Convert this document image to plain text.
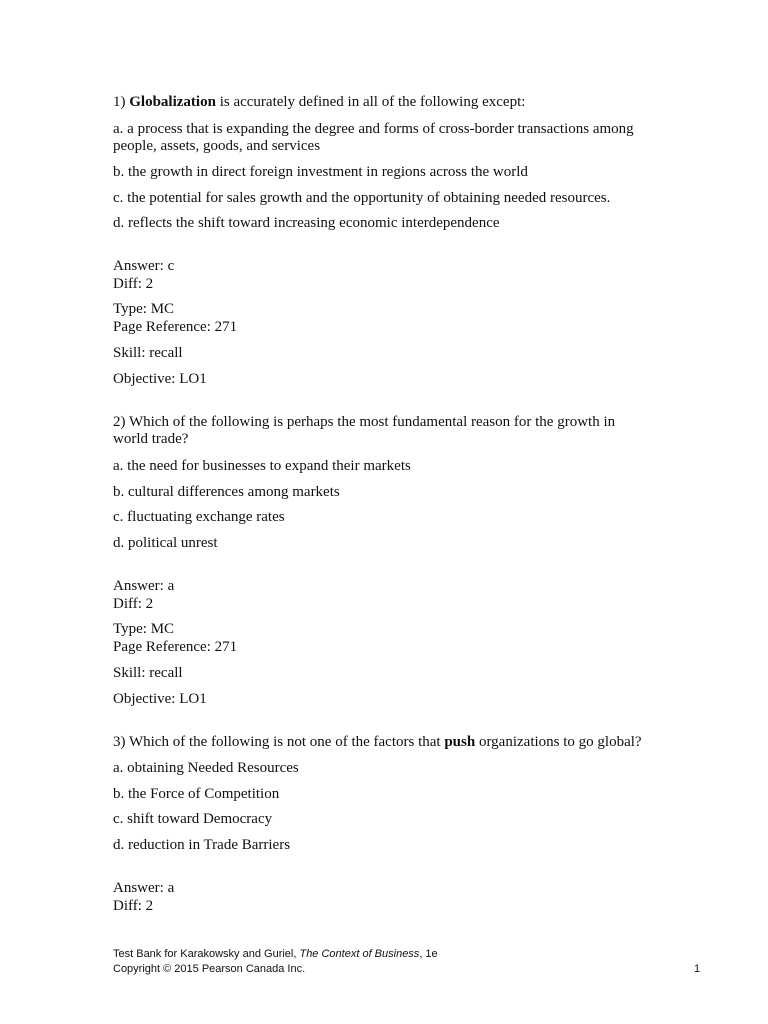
1) Globalization is accurately defined in all of the following except:
a. a process that is expanding the degree and forms of cross-border transactions among
people, assets, goods, and services
b. the growth in direct foreign investment in regions across the world
c. the potential for sales growth and the opportunity of obtaining needed resources.
d. reflects the shift toward increasing economic interdependence
Answer: c
Diff: 2
Type: MC
Page Reference: 271
Skill: recall
Objective: LO1
2) Which of the following is perhaps the most fundamental reason for the growth in
world trade?
a. the need for businesses to expand their markets
b. cultural differences among markets
c. fluctuating exchange rates
d. political unrest
Answer: a
Diff: 2
Type: MC
Page Reference: 271
Skill: recall
Objective: LO1
3) Which of the following is not one of the factors that push organizations to go global?
a. obtaining Needed Resources
b. the Force of Competition
c. shift toward Democracy
d. reduction in Trade Barriers
Answer: a
Diff: 2
Test Bank for Karakowsky and Guriel, The Context of Business, 1e
Copyright © 2015 Pearson Canada Inc.	1
